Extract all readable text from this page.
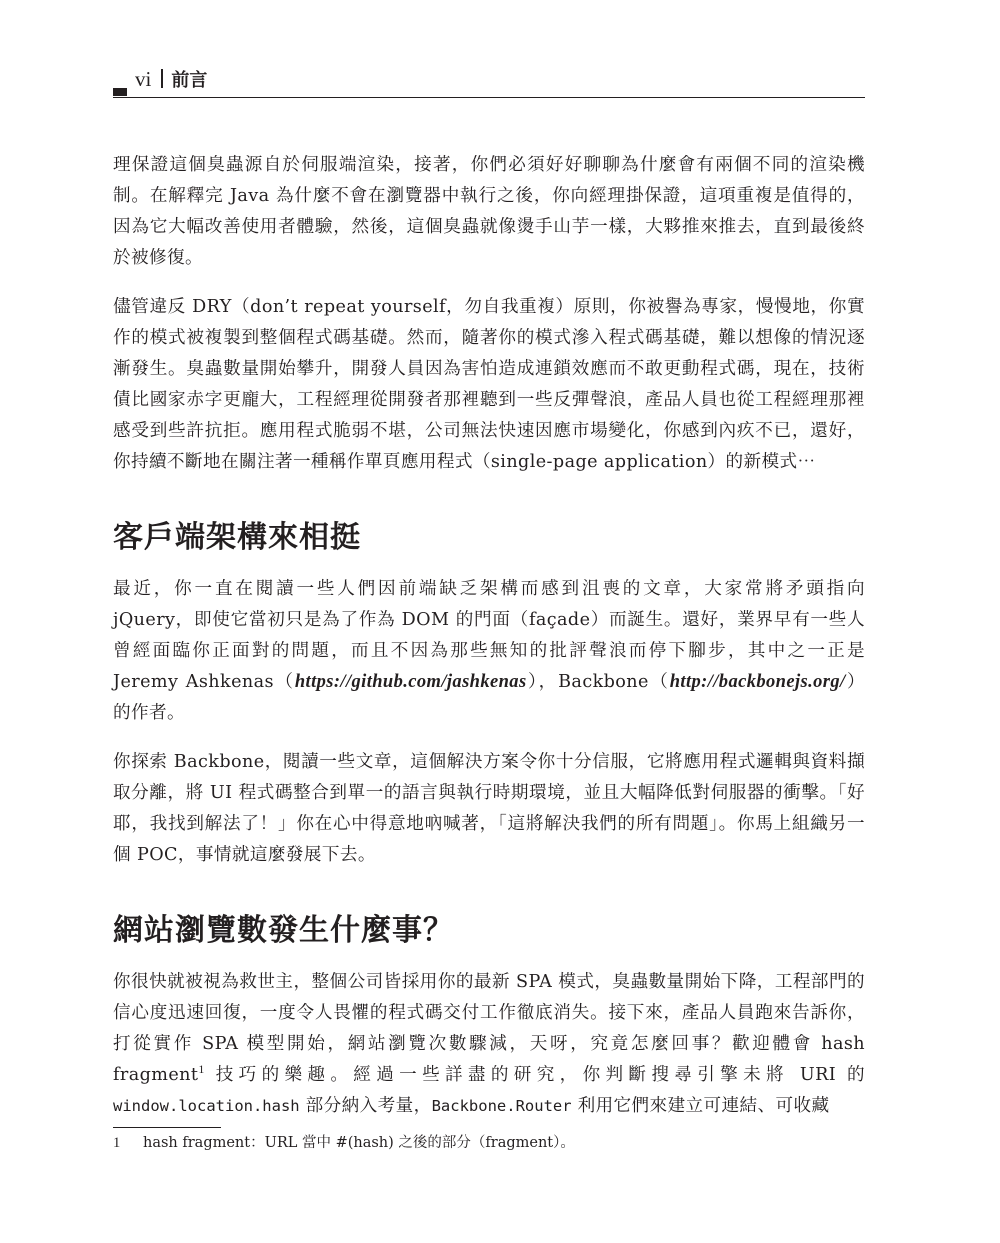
vi 前言

理保證這個臭蟲源自於伺服端渲染，接著，你們必須好好聊聊為什麼會有兩個不同的渲染機制。在解釋完 Java 為什麼不會在瀏覽器中執行之後，你向經理掛保證，這項重複是值得的，因為它大幅改善使用者體驗，然後，這個臭蟲就像燙手山芋一樣，大夥推來推去，直到最後終於被修復。

儘管違反 DRY（don’t repeat yourself，勿自我重複）原則，你被譽為專家，慢慢地，你實作的模式被複製到整個程式碼基礎。然而，隨著你的模式滲入程式碼基礎，難以想像的情況逐漸發生。臭蟲數量開始攀升，開發人員因為害怕造成連鎖效應而不敢更動程式碼，現在，技術債比國家赤字更龐大，工程經理從開發者那裡聽到一些反彈聲浪，產品人員也從工程經理那裡感受到些許抗拒。應用程式脆弱不堪，公司無法快速因應市場變化，你感到內疚不已，還好，你持續不斷地在關注著一種稱作單頁應用程式（single-page application）的新模式⋯

客戶端架構來相挺

最近，你一直在閱讀一些人們因前端缺乏架構而感到沮喪的文章，大家常將矛頭指向 jQuery，即使它當初只是為了作為 DOM 的門面（façade）而誕生。還好，業界早有一些人曾經面臨你正面對的問題，而且不因為那些無知的批評聲浪而停下腳步，其中之一正是 Jeremy Ashkenas（https://github.com/jashkenas），Backbone（http://backbonejs.org/）的作者。

你探索 Backbone，閱讀一些文章，這個解決方案令你十分信服，它將應用程式邏輯與資料擷取分離，將 UI 程式碼整合到單一的語言與執行時期環境，並且大幅降低對伺服器的衝擊。「好耶，我找到解法了！」你在心中得意地吶喊著，「這將解決我們的所有問題」。你馬上組織另一個 POC，事情就這麼發展下去。

網站瀏覽數發生什麼事？

你很快就被視為救世主，整個公司皆採用你的最新 SPA 模式，臭蟲數量開始下降，工程部門的信心度迅速回復，一度令人畏懼的程式碼交付工作徹底消失。接下來，產品人員跑來告訴你，打從實作 SPA 模型開始，網站瀏覽次數驟減，天呀，究竟怎麼回事？歡迎體會 hash fragment$^1$ 技巧的樂趣。經過一些詳盡的研究，你判斷搜尋引擎未將 URI 的 window.location.hash 部分納入考量，Backbone.Router 利用它們來建立可連結、可收藏

1 hash fragment：URL 當中 #(hash) 之後的部分（fragment）。
